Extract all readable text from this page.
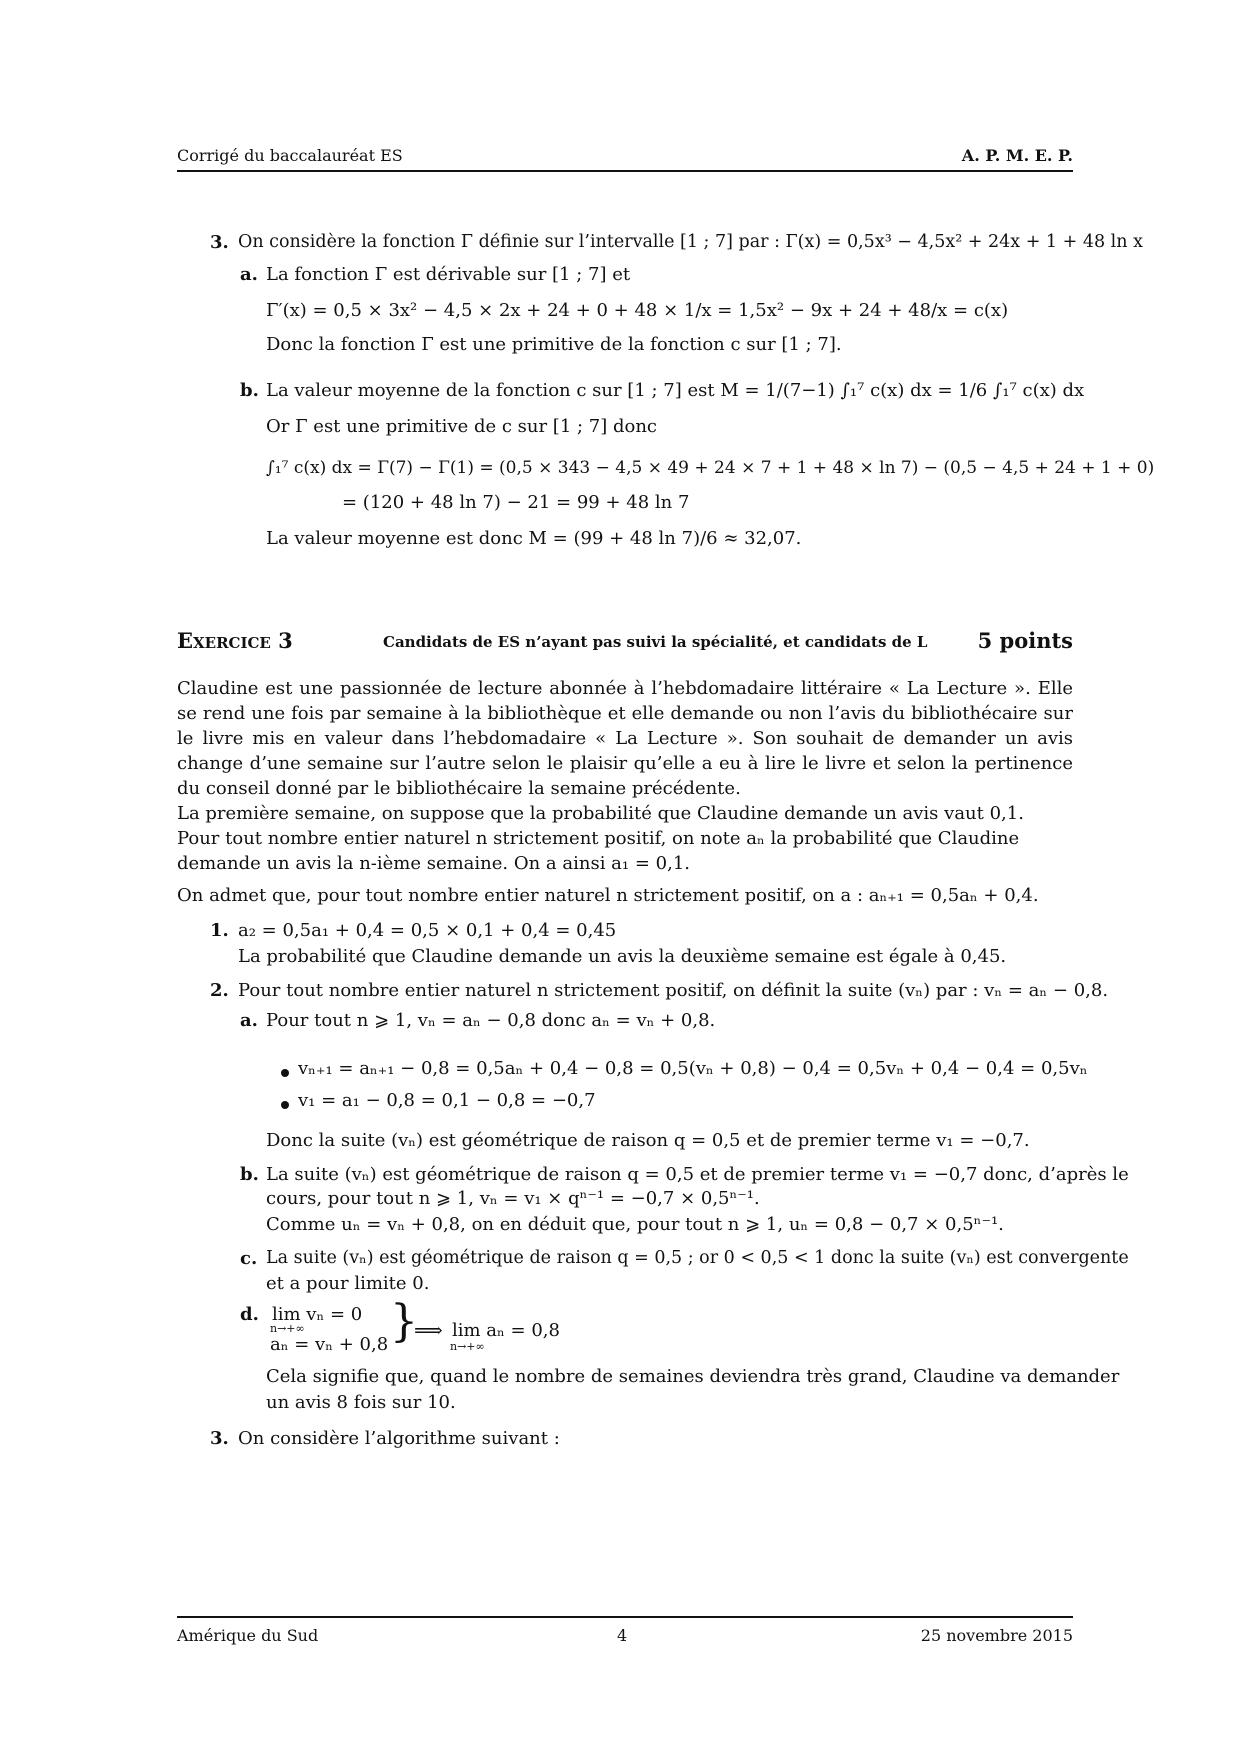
Corrigé du baccalauréat ES	A. P. M. E. P.
3. On considère la fonction Γ définie sur l’intervalle [1 ; 7] par : Γ(x) = 0,5x³ − 4,5x² + 24x + 1 + 48 ln x
a. La fonction Γ est dérivable sur [1 ; 7] et
Γ′(x) = 0,5 × 3x² − 4,5 × 2x + 24 + 0 + 48 × 1/x = 1,5x² − 9x + 24 + 48/x = c(x)
Donc la fonction Γ est une primitive de la fonction c sur [1 ; 7].
b. La valeur moyenne de la fonction c sur [1 ; 7] est M = 1/(7−1) ∫₁⁷ c(x) dx = 1/6 ∫₁⁷ c(x) dx
Or Γ est une primitive de c sur [1 ; 7] donc
∫₁⁷ c(x) dx = Γ(7) − Γ(1) = (0,5 × 343 − 4,5 × 49 + 24 × 7 + 1 + 48 × ln 7) − (0,5 − 4,5 + 24 + 1 + 0)
= (120 + 48 ln 7) − 21 = 99 + 48 ln 7
La valeur moyenne est donc M = (99 + 48 ln 7)/6 ≈ 32,07.
Exercice 3	Candidats de ES n’ayant pas suivi la spécialité, et candidats de L 5 points
Claudine est une passionnée de lecture abonnée à l’hebdomadaire littéraire « La Lecture ». Elle se rend une fois par semaine à la bibliothèque et elle demande ou non l’avis du bibliothécaire sur le livre mis en valeur dans l’hebdomadaire « La Lecture ». Son souhait de demander un avis change d’une semaine sur l’autre selon le plaisir qu’elle a eu à lire le livre et selon la pertinence du conseil donné par le bibliothécaire la semaine précédente.
La première semaine, on suppose que la probabilité que Claudine demande un avis vaut 0,1.
Pour tout nombre entier naturel n strictement positif, on note aₙ la probabilité que Claudine demande un avis la n-ième semaine. On a ainsi a₁ = 0,1.
On admet que, pour tout nombre entier naturel n strictement positif, on a : aₙ₊₁ = 0,5aₙ + 0,4.
1. a₂ = 0,5a₁ + 0,4 = 0,5 × 0,1 + 0,4 = 0,45
La probabilité que Claudine demande un avis la deuxième semaine est égale à 0,45.
2. Pour tout nombre entier naturel n strictement positif, on définit la suite (vₙ) par : vₙ = aₙ − 0,8.
a. Pour tout n ⩾ 1, vₙ = aₙ − 0,8 donc aₙ = vₙ + 0,8.
vₙ₊₁ = aₙ₊₁ − 0,8 = 0,5aₙ + 0,4 − 0,8 = 0,5(vₙ + 0,8) − 0,4 = 0,5vₙ + 0,4 − 0,4 = 0,5vₙ
v₁ = a₁ − 0,8 = 0,1 − 0,8 = −0,7
Donc la suite (vₙ) est géométrique de raison q = 0,5 et de premier terme v₁ = −0,7.
b. La suite (vₙ) est géométrique de raison q = 0,5 et de premier terme v₁ = −0,7 donc, d’après le
cours, pour tout n ⩾ 1, vₙ = v₁ × qⁿ⁻¹ = −0,7 × 0,5ⁿ⁻¹.
Comme uₙ = vₙ + 0,8, on en déduit que, pour tout n ⩾ 1, uₙ = 0,8 − 0,7 × 0,5ⁿ⁻¹.
c. La suite (vₙ) est géométrique de raison q = 0,5 ; or 0 < 0,5 < 1 donc la suite (vₙ) est convergente
et a pour limite 0.
d. lim vₙ = 0
n→+∞
aₙ = vₙ + 0,8 }
⟹ lim aₙ = 0,8
n→+∞
Cela signifie que, quand le nombre de semaines deviendra très grand, Claudine va demander
un avis 8 fois sur 10.
3. On considère l’algorithme suivant :
Amérique du Sud	4	25 novembre 2015
